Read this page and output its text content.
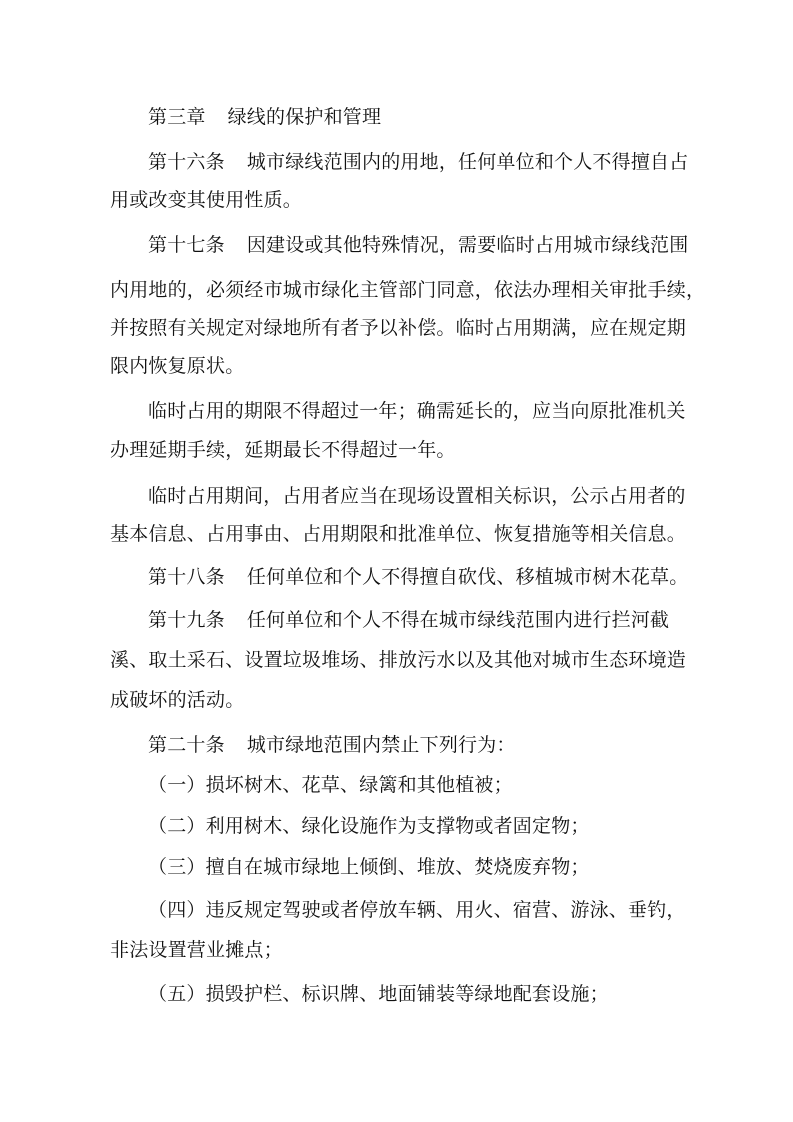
第三章 绿线的保护和管理
第十六条 城市绿线范围内的用地，任何单位和个人不得擅自占
用或改变其使用性质。
第十七条 因建设或其他特殊情况，需要临时占用城市绿线范围
内用地的，必须经市城市绿化主管部门同意，依法办理相关审批手续，
并按照有关规定对绿地所有者予以补偿。临时占用期满，应在规定期
限内恢复原状。
临时占用的期限不得超过一年；确需延长的，应当向原批准机关
办理延期手续，延期最长不得超过一年。
临时占用期间，占用者应当在现场设置相关标识，公示占用者的
基本信息、占用事由、占用期限和批准单位、恢复措施等相关信息。
第十八条 任何单位和个人不得擅自砍伐、移植城市树木花草。
第十九条 任何单位和个人不得在城市绿线范围内进行拦河截
溪、取土采石、设置垃圾堆场、排放污水以及其他对城市生态环境造
成破坏的活动。
第二十条 城市绿地范围内禁止下列行为：
（一）损坏树木、花草、绿篱和其他植被；
（二）利用树木、绿化设施作为支撑物或者固定物；
（三）擅自在城市绿地上倾倒、堆放、焚烧废弃物；
（四）违反规定驾驶或者停放车辆、用火、宿营、游泳、垂钓，
非法设置营业摊点；
（五）损毁护栏、标识牌、地面铺装等绿地配套设施；
